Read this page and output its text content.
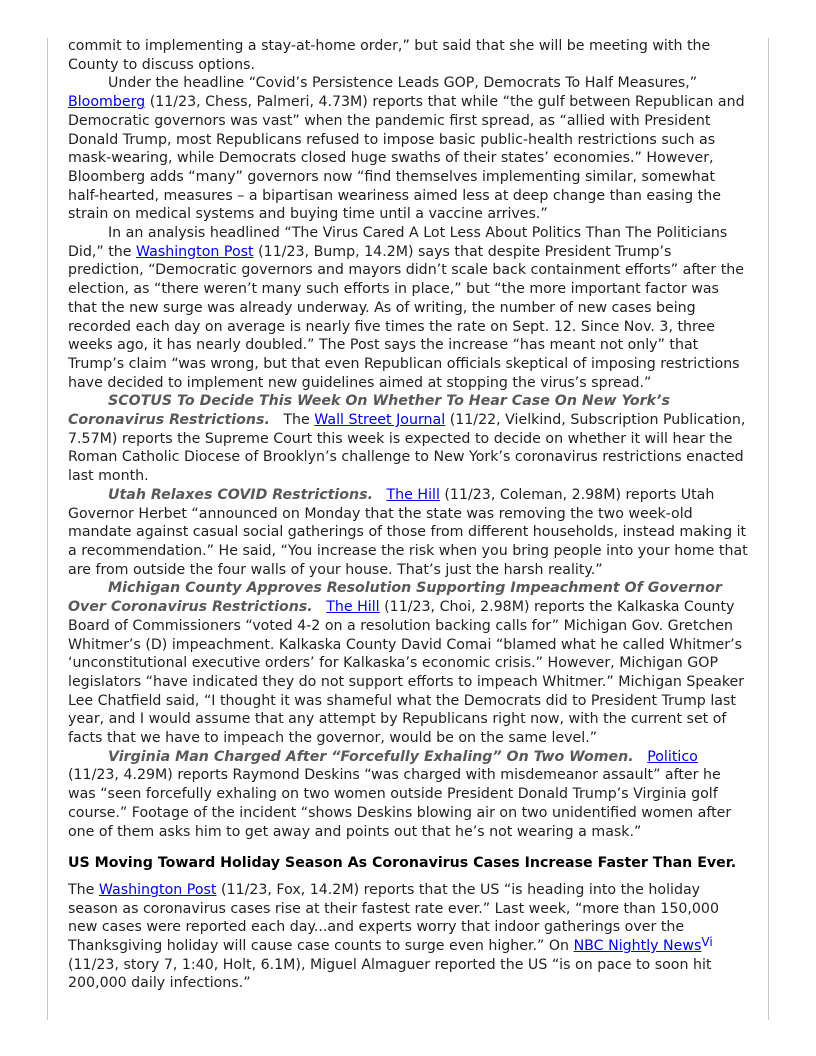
commit to implementing a stay-at-home order,” but said that she will be meeting with the County to discuss options.

Under the headline “Covid’s Persistence Leads GOP, Democrats To Half Measures,” Bloomberg (11/23, Chess, Palmeri, 4.73M) reports that while “the gulf between Republican and Democratic governors was vast” when the pandemic first spread, as “allied with President Donald Trump, most Republicans refused to impose basic public-health restrictions such as mask-wearing, while Democrats closed huge swaths of their states’ economies.” However, Bloomberg adds “many” governors now “find themselves implementing similar, somewhat half-hearted, measures – a bipartisan weariness aimed less at deep change than easing the strain on medical systems and buying time until a vaccine arrives.”

In an analysis headlined “The Virus Cared A Lot Less About Politics Than The Politicians Did,” the Washington Post (11/23, Bump, 14.2M) says that despite President Trump’s prediction, “Democratic governors and mayors didn’t scale back containment efforts” after the election, as “there weren’t many such efforts in place,” but “the more important factor was that the new surge was already underway. As of writing, the number of new cases being recorded each day on average is nearly five times the rate on Sept. 12. Since Nov. 3, three weeks ago, it has nearly doubled.” The Post says the increase “has meant not only” that Trump’s claim “was wrong, but that even Republican officials skeptical of imposing restrictions have decided to implement new guidelines aimed at stopping the virus’s spread.”

SCOTUS To Decide This Week On Whether To Hear Case On New York’s Coronavirus Restrictions.   The Wall Street Journal (11/22, Vielkind, Subscription Publication, 7.57M) reports the Supreme Court this week is expected to decide on whether it will hear the Roman Catholic Diocese of Brooklyn’s challenge to New York’s coronavirus restrictions enacted last month.

Utah Relaxes COVID Restrictions. The Hill (11/23, Coleman, 2.98M) reports Utah Governor Herbet “announced on Monday that the state was removing the two week-old mandate against casual social gatherings of those from different households, instead making it a recommendation.” He said, “You increase the risk when you bring people into your home that are from outside the four walls of your house. That’s just the harsh reality.”

Michigan County Approves Resolution Supporting Impeachment Of Governor Over Coronavirus Restrictions. The Hill (11/23, Choi, 2.98M) reports the Kalkaska County Board of Commissioners “voted 4-2 on a resolution backing calls for” Michigan Gov. Gretchen Whitmer’s (D) impeachment. Kalkaska County David Comai “blamed what he called Whitmer’s ‘unconstitutional executive orders’ for Kalkaska’s economic crisis.” However, Michigan GOP legislators “have indicated they do not support efforts to impeach Whitmer.” Michigan Speaker Lee Chatfield said, “I thought it was shameful what the Democrats did to President Trump last year, and I would assume that any attempt by Republicans right now, with the current set of facts that we have to impeach the governor, would be on the same level.”

Virginia Man Charged After “Forcefully Exhaling” On Two Women. Politico (11/23, 4.29M) reports Raymond Deskins “was charged with misdemeanor assault” after he was “seen forcefully exhaling on two women outside President Donald Trump’s Virginia golf course.” Footage of the incident “shows Deskins blowing air on two unidentified women after one of them asks him to get away and points out that he’s not wearing a mask.”

US Moving Toward Holiday Season As Coronavirus Cases Increase Faster Than Ever.

The Washington Post (11/23, Fox, 14.2M) reports that the US “is heading into the holiday season as coronavirus cases rise at their fastest rate ever.” Last week, “more than 150,000 new cases were reported each day...and experts worry that indoor gatherings over the Thanksgiving holiday will cause case counts to surge even higher.” On NBC Nightly News$^{Vi}$  (11/23, story 7, 1:40, Holt, 6.1M), Miguel Almaguer reported the US “is on pace to soon hit 200,000 daily infections.”
